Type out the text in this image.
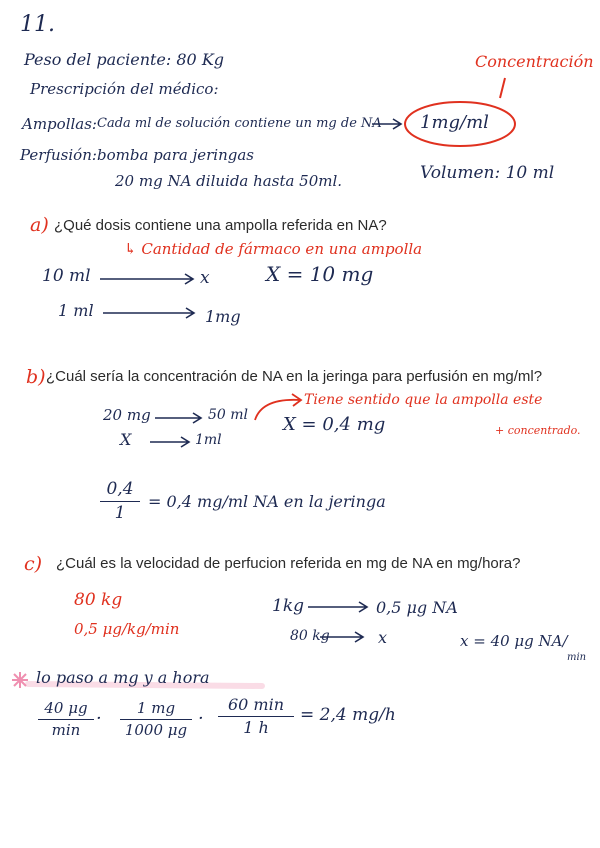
11.
Peso del paciente: 80 Kg
Prescripción del médico:
Concentración
Ampollas: Cada ml de solución contiene un mg de NA 1mg/ml
Perfusión: bomba para jeringas
20 mg NA diluida hasta 50ml.	Volumen: 10 ml
a) ¿Qué dosis contiene una ampolla referida en NA?
↳ Cantidad de fármaco en una ampolla
10 ml	x	X = 10 mg
1 ml	1mg
b) ¿Cuál sería la concentración de NA en la jeringa para perfusión en mg/ml?
20 mg	50 ml
X	1ml
X = 0,4 mg
Tiene sentido que la ampolla este
+ concentrado.
0,4
1
= 0,4 mg/ml NA en la jeringa
c) ¿Cuál es la velocidad de perfucion referida en mg de NA en mg/hora?
80 kg
0,5 μg/kg/min
1kg	0,5 μg NA
80 kg	x	x = 40 μg NA/
min
lo paso a mg y a hora
40 μg
min
·	1 mg
1000 μg
·
60 min
1 h
= 2,4 mg/h
